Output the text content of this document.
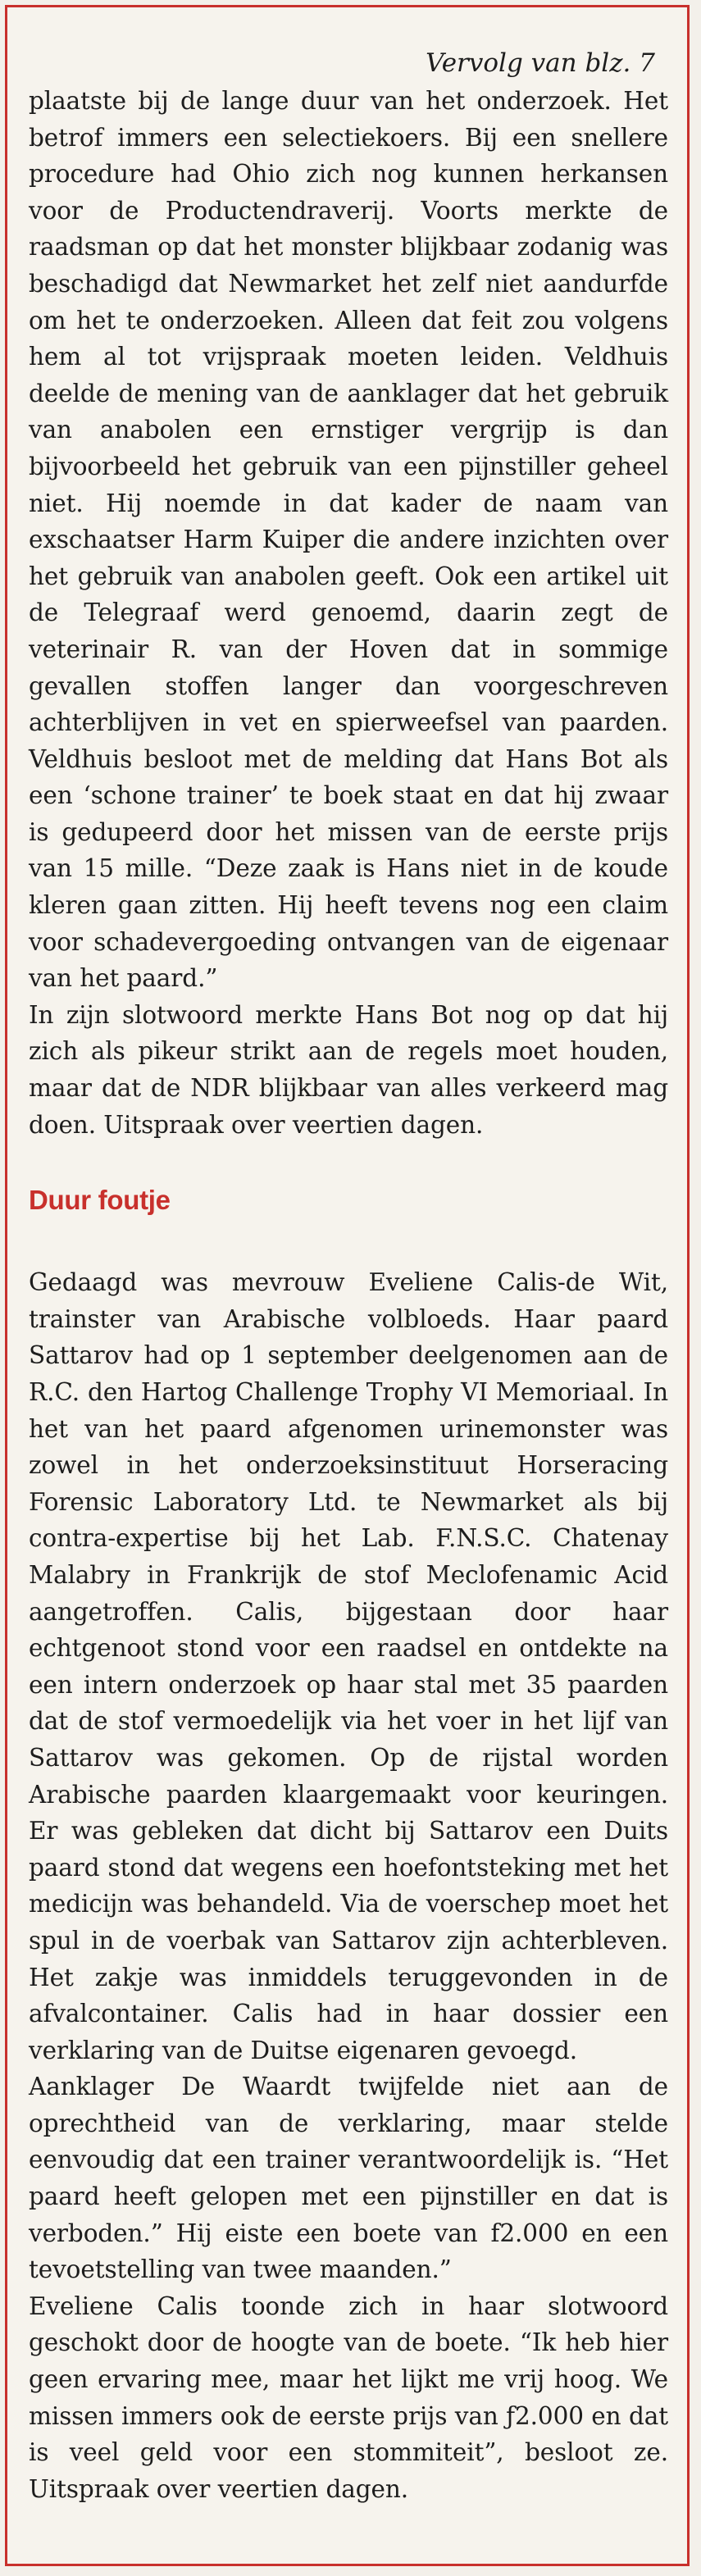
Vervolg van blz. 7

plaatste bij de lange duur van het onderzoek. Het betrof immers een selectiekoers. Bij een snellere procedure had Ohio zich nog kunnen herkansen voor de Productendraverij. Voorts merkte de raadsman op dat het monster blijkbaar zodanig was beschadigd dat Newmarket het zelf niet aandurfde om het te onderzoeken. Alleen dat feit zou volgens hem al tot vrijspraak moeten leiden. Veldhuis deelde de mening van de aanklager dat het gebruik van anabolen een ernstiger vergrijp is dan bijvoorbeeld het gebruik van een pijnstiller geheel niet. Hij noemde in dat kader de naam van exschaatser Harm Kuiper die andere inzichten over het gebruik van anabolen geeft. Ook een artikel uit de Telegraaf werd genoemd, daarin zegt de veterinair R. van der Hoven dat in sommige gevallen stoffen langer dan voorgeschreven achterblijven in vet en spierweefsel van paarden. Veldhuis besloot met de melding dat Hans Bot als een ‘schone trainer’ te boek staat en dat hij zwaar is gedupeerd door het missen van de eerste prijs van 15 mille. “Deze zaak is Hans niet in de koude kleren gaan zitten. Hij heeft tevens nog een claim voor schadevergoeding ontvangen van de eigenaar van het paard.”

In zijn slotwoord merkte Hans Bot nog op dat hij zich als pikeur strikt aan de regels moet houden, maar dat de NDR blijkbaar van alles verkeerd mag doen. Uitspraak over veertien dagen.

Duur foutje

Gedaagd was mevrouw Eveliene Calis-de Wit, trainster van Arabische volbloeds. Haar paard Sattarov had op 1 september deelgenomen aan de R.C. den Hartog Challenge Trophy VI Memoriaal. In het van het paard afgenomen urinemonster was zowel in het onderzoeksinstituut Horseracing Forensic Laboratory Ltd. te Newmarket als bij contra-expertise bij het Lab. F.N.S.C. Chatenay Malabry in Frankrijk de stof Meclofenamic Acid aangetroffen. Calis, bijgestaan door haar echtgenoot stond voor een raadsel en ontdekte na een intern onderzoek op haar stal met 35 paarden dat de stof vermoedelijk via het voer in het lijf van Sattarov was gekomen. Op de rijstal worden Arabische paarden klaargemaakt voor keuringen. Er was gebleken dat dicht bij Sattarov een Duits paard stond dat wegens een hoefontsteking met het medicijn was behandeld. Via de voerschep moet het spul in de voerbak van Sattarov zijn achterbleven. Het zakje was inmiddels teruggevonden in de afvalcontainer. Calis had in haar dossier een verklaring van de Duitse eigenaren gevoegd.

Aanklager De Waardt twijfelde niet aan de oprechtheid van de verklaring, maar stelde eenvoudig dat een trainer verantwoordelijk is. “Het paard heeft gelopen met een pijnstiller en dat is verboden.” Hij eiste een boete van f2.000 en een tevoetstelling van twee maanden.”

Eveliene Calis toonde zich in haar slotwoord geschokt door de hoogte van de boete. “Ik heb hier geen ervaring mee, maar het lijkt me vrij hoog. We missen immers ook de eerste prijs van ƒ2.000 en dat is veel geld voor een stommiteit”, besloot ze. Uitspraak over veertien dagen.
